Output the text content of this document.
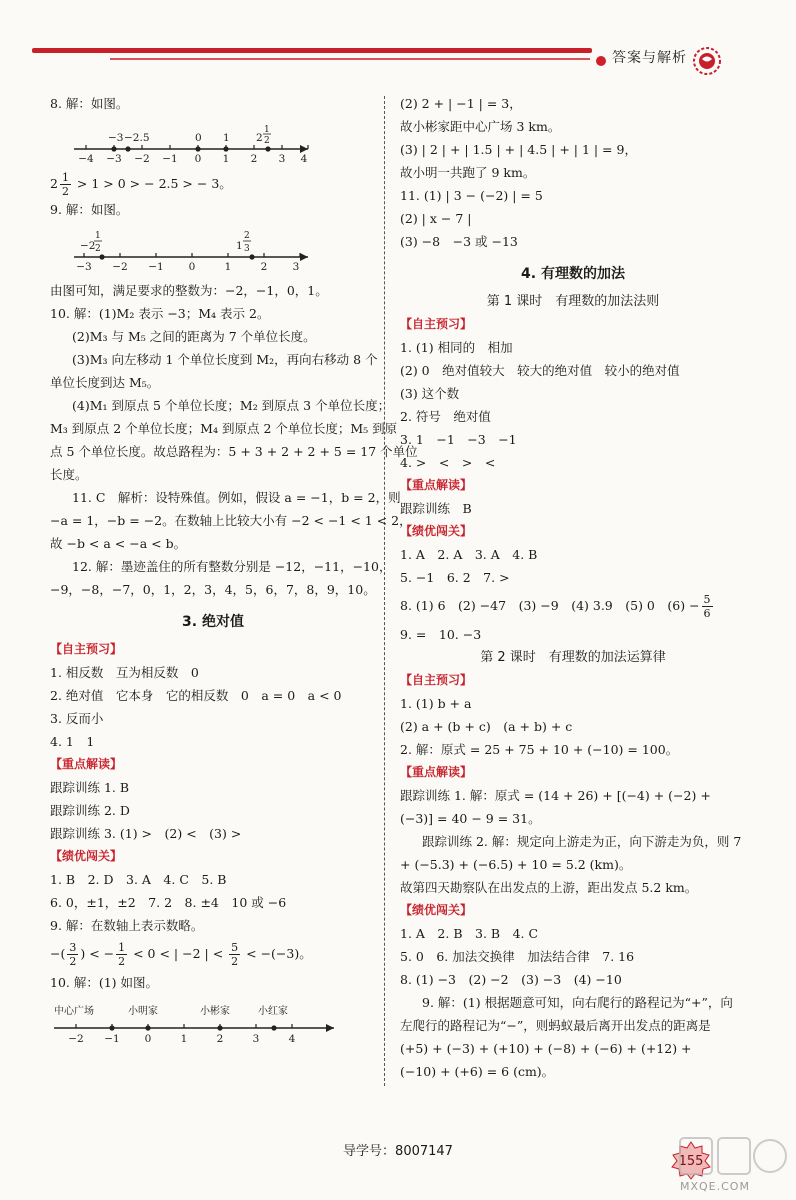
答案与解析
8. 解：如图。
−3 −2.5	0 1	2
1
2
−4 −3 −2 −1 0 1 2 3 4
$2 \frac{1}{2} > 1 > 0$ > − 2.5 > − 3。
9. 解：如图。
−2
1
2	1
2
3
−3 −2 −1 0	1	2 3
由图可知，满足要求的整数为：−2，−1，0，1。
10. 解：(1)M₂ 表示 −3；M₄ 表示 2。
(2)M₃ 与 M₅ 之间的距离为 7 个单位长度。
(3)M₃ 向左移动 1 个单位长度到 M₂，再向右移动 8 个
单位长度到达 M₅。
(4)M₁ 到原点 5 个单位长度；M₂ 到原点 3 个单位长度；
M₃ 到原点 2 个单位长度；M₄ 到原点 2 个单位长度；M₅ 到原
点 5 个单位长度。故总路程为：5 + 3 + 2 + 2 + 5 = 17 个单位
长度。
11. C　解析：设特殊值。例如，假设 a = −1，b = 2，则
−a = 1，−b = −2。在数轴上比较大小有 −2 < −1 < 1 < 2，
故 −b < a < −a < b。
12. 解：墨迹盖住的所有整数分别是 −12，−11，−10，
−9，−8，−7，0，1，2，3，4，5，6，7，8，9，10。
3. 绝对值
【自主预习】
1. 相反数　互为相反数　0
2. 绝对值　它本身　它的相反数　0　a = 0　a < 0
3. 反而小
4. 1　1
【重点解读】
跟踪训练 1. B
跟踪训练 2. D
跟踪训练 3. (1) >　(2) <　(3) >
【绩优闯关】
1. B　2. D　3. A　4. C　5. B
6. 0，±1，±2　7. 2　8. ±4　10 或 −6
9. 解：在数轴上表示数略。
−( $\frac{3}{2}$ ) < − $\frac{1}{2} < 0$ < | −2 | < $\frac{5}{2} < -(-3)$。
10. 解：(1) 如图。
中心广场	小明家	小彬家	小红家
−2 −1 0	1	2	3	4
(2) 2 + | −1 | = 3，
故小彬家距中心广场 3 km。
(3) | 2 | + | 1.5 | + | 4.5 | + | 1 | = 9，
故小明一共跑了 9 km。
11. (1) | 3 − (−2) | = 5
(2) | x − 7 |
(3) −8　−3 或 −13
4. 有理数的加法
第 1 课时　有理数的加法法则
【自主预习】
1. (1) 相同的　相加
(2) 0　绝对值较大　较大的绝对值　较小的绝对值
(3) 这个数
2. 符号　绝对值
3. 1　−1　−3　−1
4. >　<　>　<
【重点解读】
跟踪训练　B
【绩优闯关】
1. A　2. A　3. A　4. B
5. −1　6. 2　7. >
8. (1) 6　(2) −47　(3) −9　(4) 3.9　(5) 0　$(6) - \frac{5}{6}$
9. =　10. −3
第 2 课时　有理数的加法运算律
【自主预习】
1. (1) b + a
(2) a + (b + c)　(a + b) + c
2. 解：原式 = 25 + 75 + 10 + (−10) = 100。
【重点解读】
跟踪训练 1. 解：原式 = (14 + 26) + [(−4) + (−2) +
(−3)] = 40 − 9 = 31。
跟踪训练 2. 解：规定向上游走为正，向下游走为负，则 7
+ (−5.3) + (−6.5) + 10 = 5.2 (km)。
故第四天勘察队在出发点的上游，距出发点 5.2 km。
【绩优闯关】
1. A　2. B　3. B　4. C
5. 0　6. 加法交换律　加法结合律　7. 16
8. (1) −3　(2) −2　(3) −3　(4) −10
9. 解：(1) 根据题意可知，向右爬行的路程记为“+”，向
左爬行的路程记为“−”，则蚂蚁最后离开出发点的距离是
(+5) + (−3) + (+10) + (−8) + (−6) + (+12) +
(−10) + (+6) = 6 (cm)。
导学号：8007147
155
MXQE.COM
